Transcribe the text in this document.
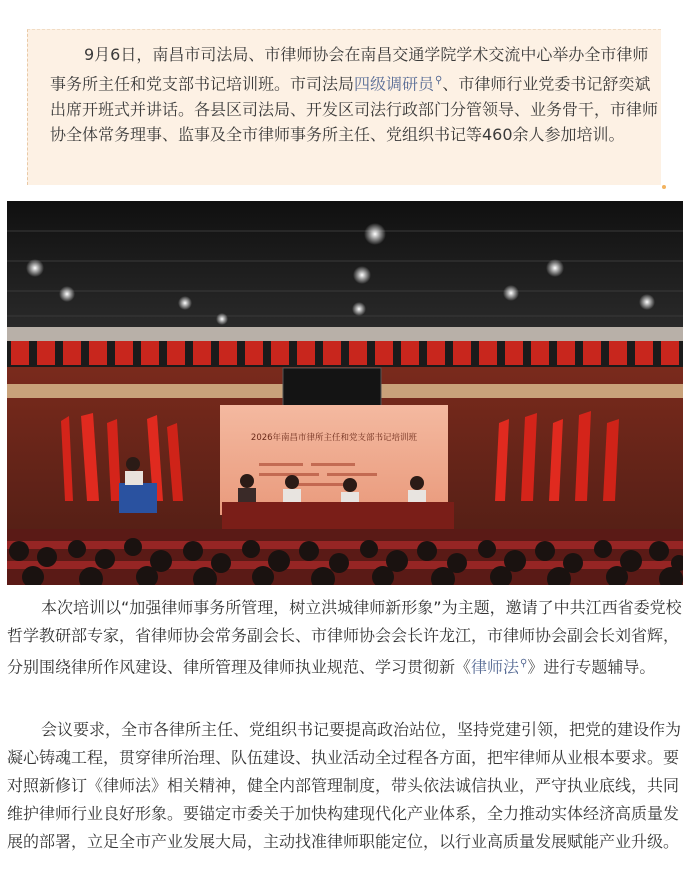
9月6日，南昌市司法局、市律师协会在南昌交通学院学术交流中心举办全市律师事务所主任和党支部书记培训班。市司法局四级调研员⚲、市律师行业党委书记舒奕斌出席开班式并讲话。各县区司法局、开发区司法行政部门分管领导、业务骨干，市律师协全体常务理事、监事及全市律师事务所主任、党组织书记等460余人参加培训。

2026年南昌市律所主任和党支部书记培训班

本次培训以“加强律师事务所管理，树立洪城律师新形象”为主题，邀请了中共江西省委党校哲学教研部专家，省律师协会常务副会长、市律师协会会长许龙江，市律师协会副会长刘省辉，分别围绕律所作风建设、律所管理及律师执业规范、学习贯彻新《律师法⚲》进行专题辅导。

会议要求，全市各律所主任、党组织书记要提高政治站位，坚持党建引领，把党的建设作为凝心铸魂工程，贯穿律所治理、队伍建设、执业活动全过程各方面，把牢律师从业根本要求。要对照新修订《律师法》相关精神，健全内部管理制度，带头依法诚信执业，严守执业底线，共同维护律师行业良好形象。要锚定市委关于加快构建现代化产业体系，全力推动实体经济高质量发展的部署，立足全市产业发展大局，主动找准律师职能定位，以行业高质量发展赋能产业升级。
